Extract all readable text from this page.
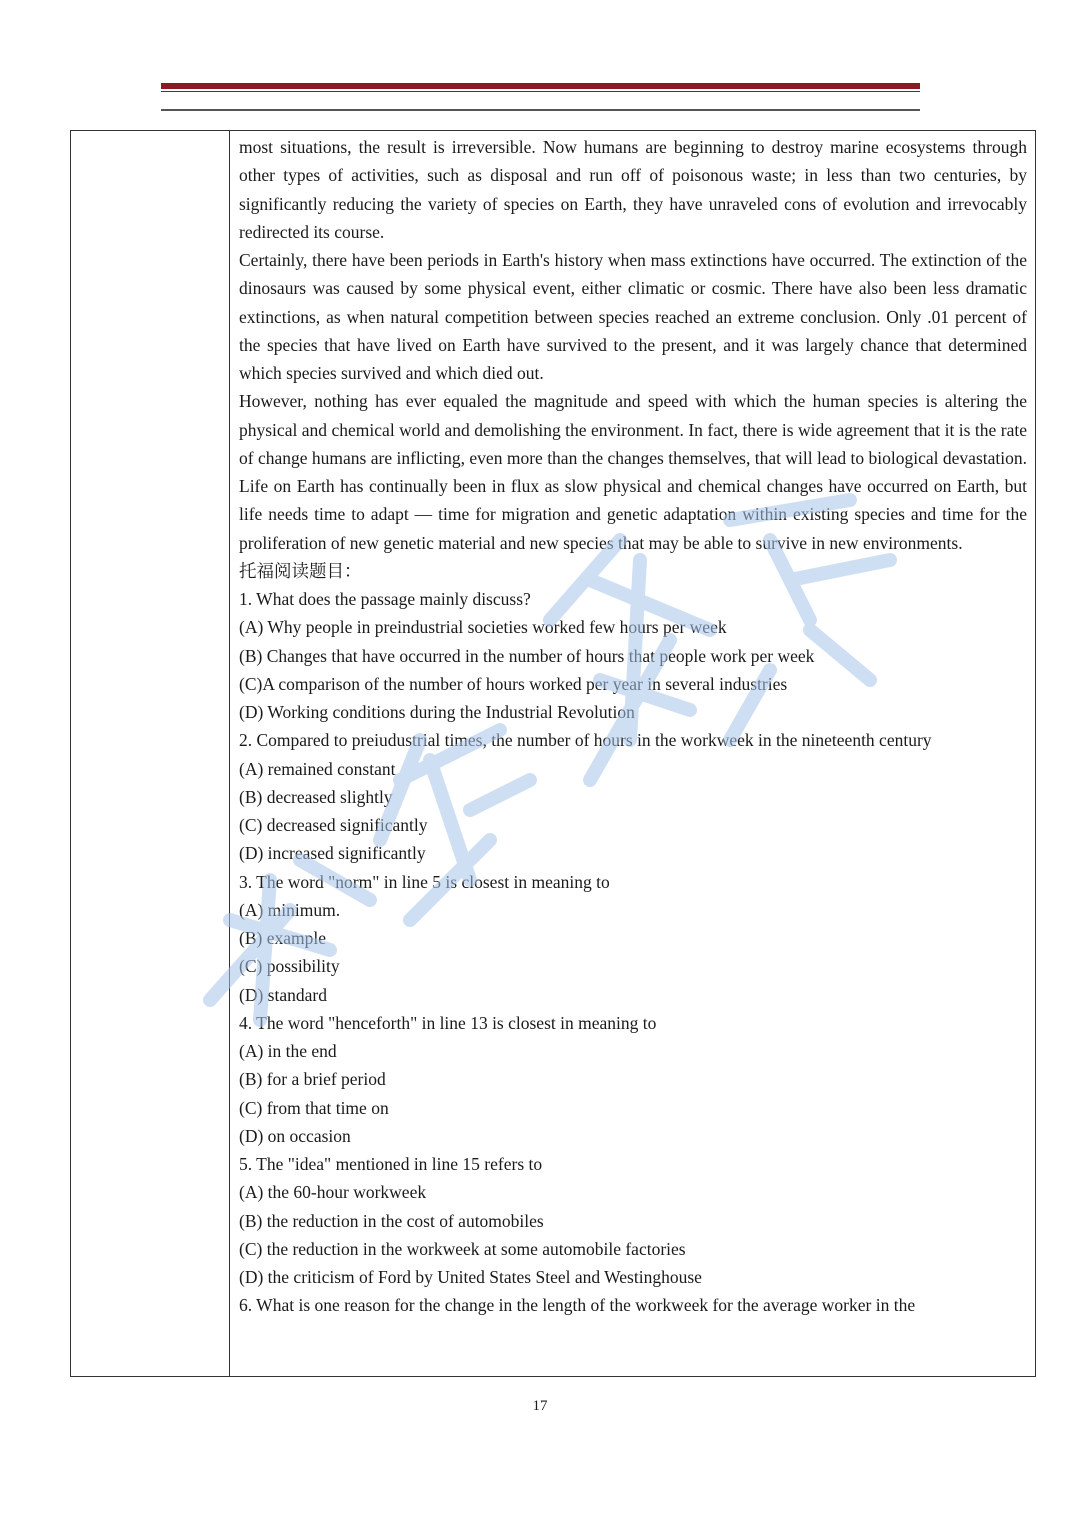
most situations, the result is irreversible. Now humans are beginning to destroy marine ecosystems through other types of activities, such as disposal and run off of poisonous waste; in less than two centuries, by significantly reducing the variety of species on Earth, they have unraveled cons of evolution and irrevocably redirected its course.

Certainly, there have been periods in Earth's history when mass extinctions have occurred. The extinction of the dinosaurs was caused by some physical event, either climatic or cosmic. There have also been less dramatic extinctions, as when natural competition between species reached an extreme conclusion. Only .01 percent of the species that have lived on Earth have survived to the present, and it was largely chance that determined which species survived and which died out.

However, nothing has ever equaled the magnitude and speed with which the human species is altering the physical and chemical world and demolishing the environment. In fact, there is wide agreement that it is the rate of change humans are inflicting, even more than the changes themselves, that will lead to biological devastation. Life on Earth has continually been in flux as slow physical and chemical changes have occurred on Earth, but life needs time to adapt — time for migration and genetic adaptation within existing species and time for the proliferation of new genetic material and new species that may be able to survive in new environments.

托福阅读题目：

1. What does the passage mainly discuss?

(A) Why people in preindustrial societies worked few hours per week

(B) Changes that have occurred in the number of hours that people work per week

(C)A comparison of the number of hours worked per year in several industries

(D) Working conditions during the Industrial Revolution

2. Compared to preiudustrial times, the number of hours in the workweek in the nineteenth century

(A) remained constant

(B) decreased slightly

(C) decreased significantly

(D) increased significantly

3. The word "norm" in line 5 is closest in meaning to

(A) minimum.

(B) example

(C) possibility

(D) standard

4. The word "henceforth" in line 13 is closest in meaning to

(A) in the end

(B) for a brief period

(C) from that time on

(D) on occasion

5. The "idea" mentioned in line 15 refers to

(A) the 60-hour workweek

(B) the reduction in the cost of automobiles

(C) the reduction in the workweek at some automobile factories

(D) the criticism of Ford by United States Steel and Westinghouse

6. What is one reason for the change in the length of the workweek for the average worker in the

17
